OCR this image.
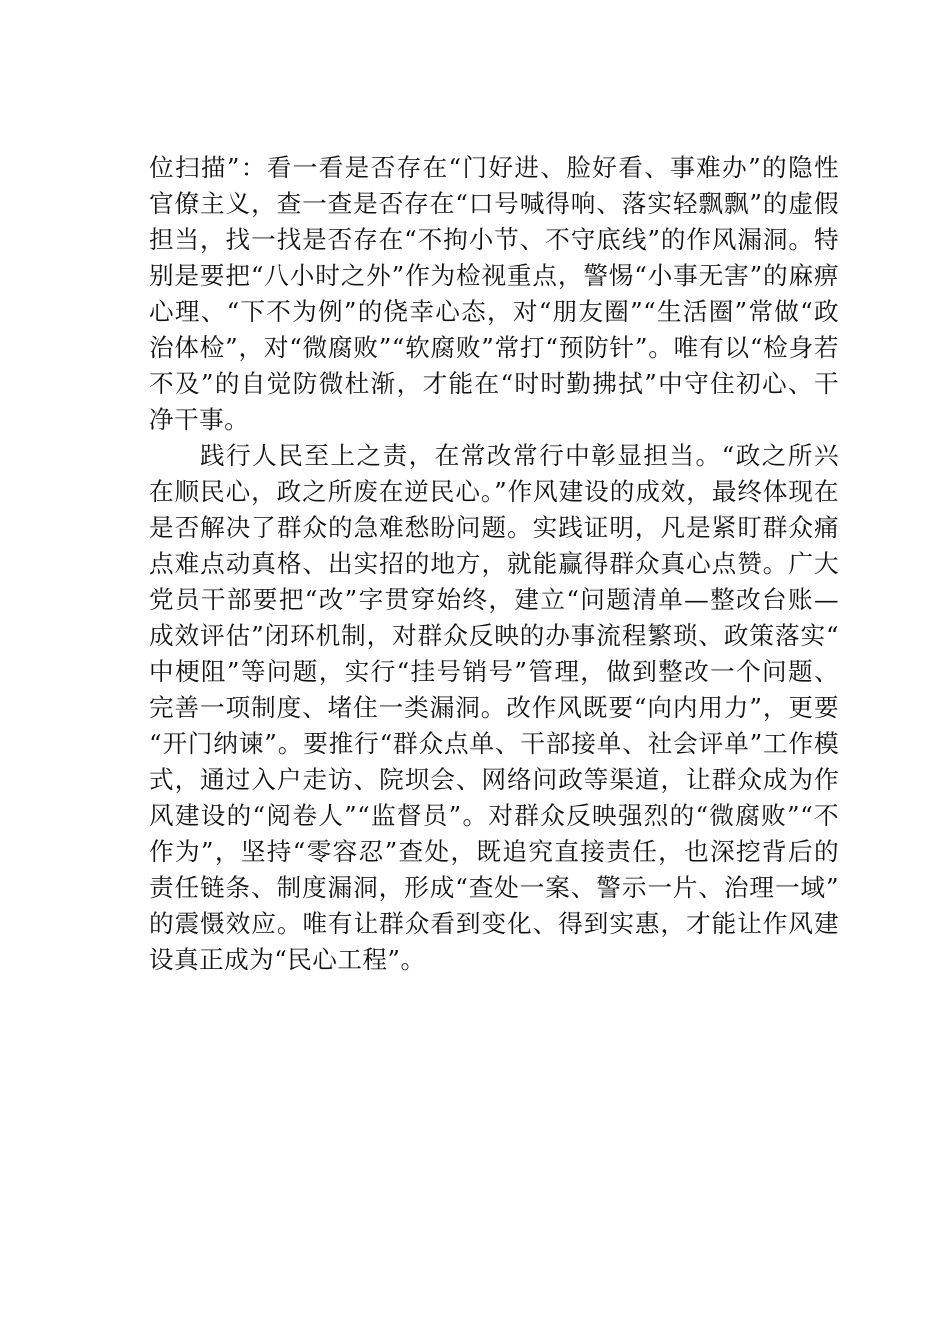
位扫描”：看一看是否存在“门好进、脸好看、事难办”的隐性官僚主义，查一查是否存在“口号喊得响、落实轻飘飘”的虚假担当，找一找是否存在“不拘小节、不守底线”的作风漏洞。特别是要把“八小时之外”作为检视重点，警惕“小事无害”的麻痹心理、“下不为例”的侥幸心态，对“朋友圈”“生活圈”常做“政治体检”，对“微腐败”“软腐败”常打“预防针”。唯有以“检身若不及”的自觉防微杜渐，才能在“时时勤拂拭”中守住初心、干净干事。

践行人民至上之责，在常改常行中彰显担当。“政之所兴在顺民心，政之所废在逆民心。”作风建设的成效，最终体现在是否解决了群众的急难愁盼问题。实践证明，凡是紧盯群众痛点难点动真格、出实招的地方，就能赢得群众真心点赞。广大党员干部要把“改”字贯穿始终，建立“问题清单—整改台账—成效评估”闭环机制，对群众反映的办事流程繁琐、政策落实“中梗阻”等问题，实行“挂号销号”管理，做到整改一个问题、完善一项制度、堵住一类漏洞。改作风既要“向内用力”，更要“开门纳谏”。要推行“群众点单、干部接单、社会评单”工作模式，通过入户走访、院坝会、网络问政等渠道，让群众成为作风建设的“阅卷人”“监督员”。对群众反映强烈的“微腐败”“不作为”，坚持“零容忍”查处，既追究直接责任，也深挖背后的责任链条、制度漏洞，形成“查处一案、警示一片、治理一域”的震慑效应。唯有让群众看到变化、得到实惠，才能让作风建设真正成为“民心工程”。
